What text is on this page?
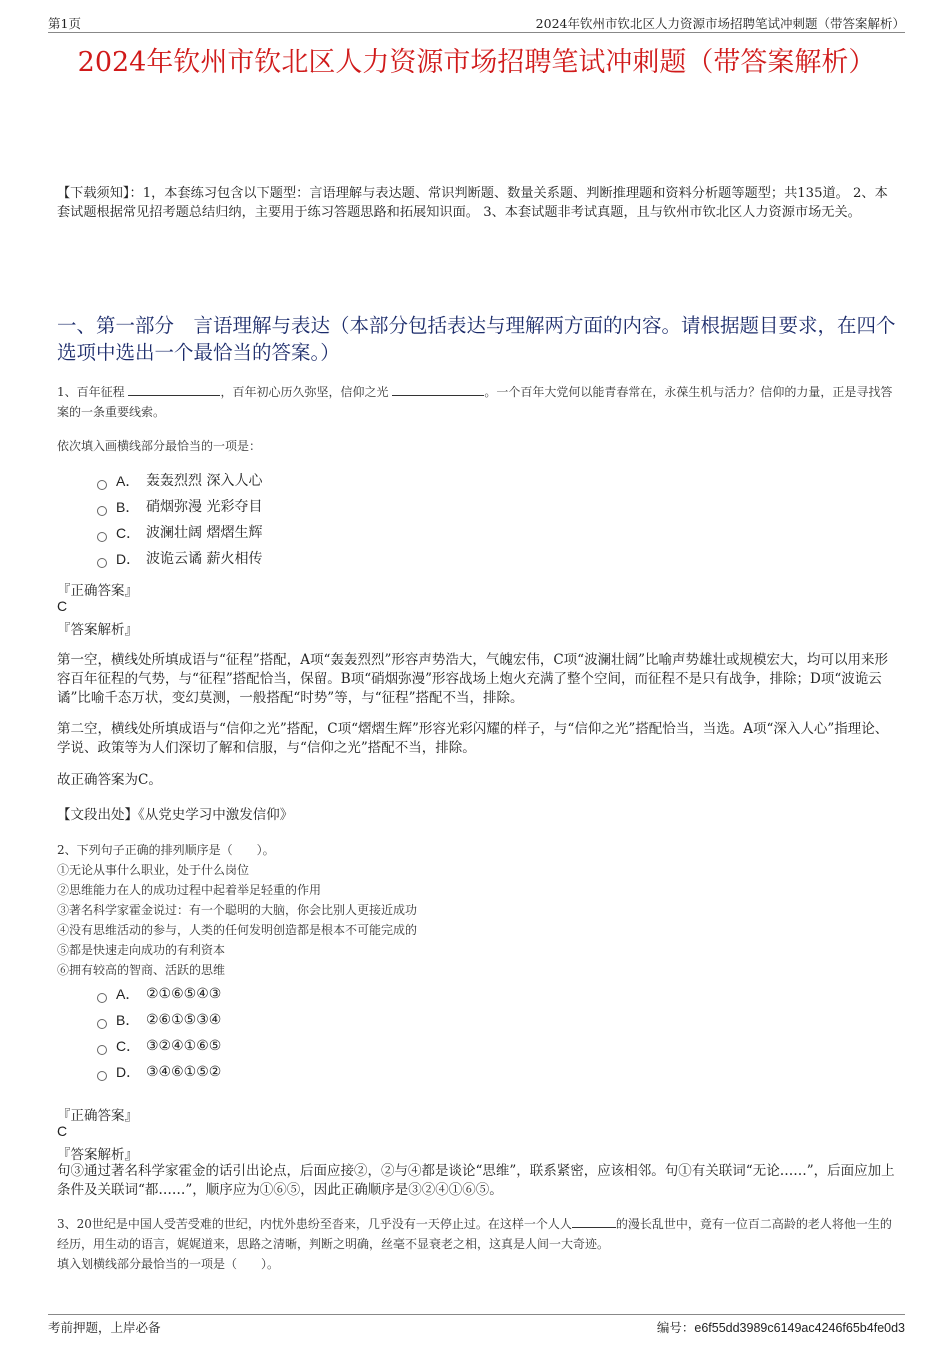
第1页	2024年钦州市钦北区人力资源市场招聘笔试冲刺题（带答案解析）
2024年钦州市钦北区人力资源市场招聘笔试冲刺题（带答案解析）
【下载须知】：1，本套练习包含以下题型：言语理解与表达题、常识判断题、数量关系题、判断推理题和资料分析题等题型；共135道。 2、本套试题根据常见招考题总结归纳，主要用于练习答题思路和拓展知识面。 3、本套试题非考试真题，且与钦州市钦北区人力资源市场无关。
一、第一部分　言语理解与表达（本部分包括表达与理解两方面的内容。请根据题目要求，在四个选项中选出一个最恰当的答案。）
1、百年征程	，百年初心历久弥坚，信仰之光	。一个百年大党何以能青春常在，永葆生机与活力？信仰的力量，正是寻找答案的一条重要线索。
依次填入画横线部分最恰当的一项是：
A． 轰轰烈烈 深入人心
B． 硝烟弥漫 光彩夺目
C． 波澜壮阔 熠熠生辉
D． 波诡云谲 薪火相传
『正确答案』
C
『答案解析』
第一空，横线处所填成语与“征程”搭配，A项“轰轰烈烈”形容声势浩大，气魄宏伟，C项“波澜壮阔”比喻声势雄壮或规模宏大，均可以用来形容百年征程的气势，与“征程”搭配恰当，保留。B项“硝烟弥漫”形容战场上炮火充满了整个空间，而征程不是只有战争，排除；D项“波诡云谲”比喻千态万状，变幻莫测，一般搭配“时势”等，与“征程”搭配不当，排除。
第二空，横线处所填成语与“信仰之光”搭配，C项“熠熠生辉”形容光彩闪耀的样子，与“信仰之光”搭配恰当，当选。A项“深入人心”指理论、学说、政策等为人们深切了解和信服，与“信仰之光”搭配不当，排除。
故正确答案为C。
【文段出处】《从党史学习中激发信仰》
2、下列句子正确的排列顺序是（　　）。
①无论从事什么职业，处于什么岗位
②思维能力在人的成功过程中起着举足轻重的作用
③著名科学家霍金说过：有一个聪明的大脑，你会比别人更接近成功
④没有思维活动的参与，人类的任何发明创造都是根本不可能完成的
⑤都是快速走向成功的有利资本
⑥拥有较高的智商、活跃的思维
A． ②①⑥⑤④③
B． ②⑥①⑤③④
C． ③②④①⑥⑤
D． ③④⑥①⑤②
『正确答案』
C
『答案解析』
句③通过著名科学家霍金的话引出论点，后面应接②，②与④都是谈论“思维”，联系紧密，应该相邻。句①有关联词“无论……”，后面应加上条件及关联词“都……”，顺序应为①⑥⑤，因此正确顺序是③②④①⑥⑤。
3、20世纪是中国人受苦受难的世纪，内忧外患纷至沓来，几乎没有一天停止过。在这样一个人人	的漫长乱世中，竟有一位百二高龄的老人将他一生的经历，用生动的语言，娓娓道来，思路之清晰，判断之明确，丝毫不显衰老之相，这真是人间一大奇迹。
填入划横线部分最恰当的一项是（　　）。
考前押题，上岸必备	编号：e6f55dd3989c6149ac4246f65b4fe0d3
